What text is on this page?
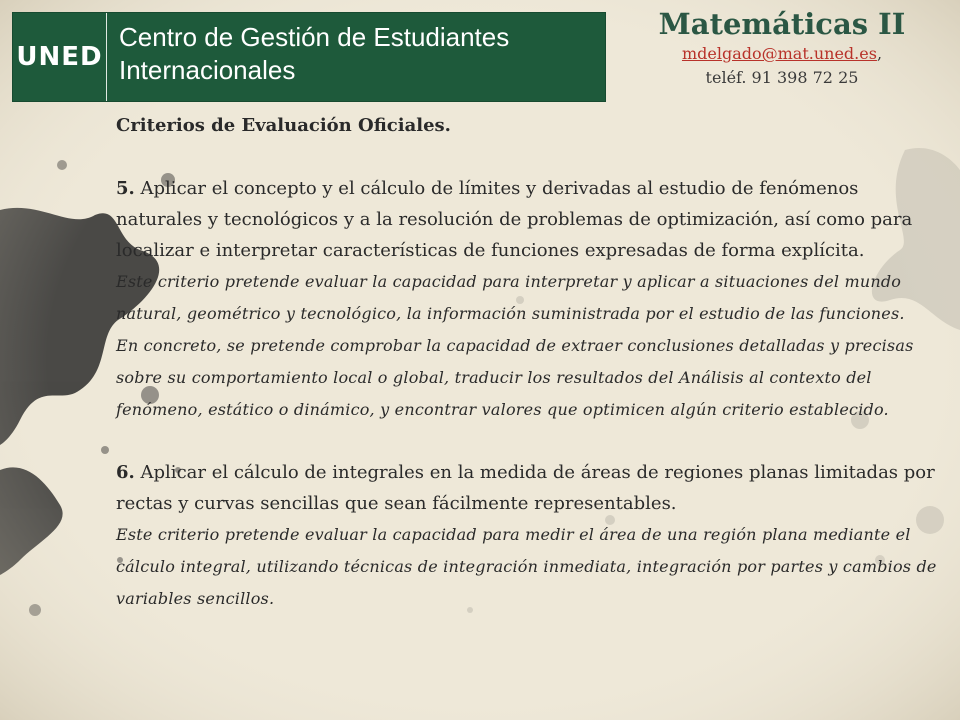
UNED
Centro de Gestión de Estudiantes
Internacionales
Matemáticas II
mdelgado@mat.uned.es,
teléf. 91 398 72 25

Criterios de Evaluación Oficiales.

5. Aplicar el concepto y el cálculo de límites y derivadas al estudio de fenómenos naturales y tecnológicos y a la resolución de problemas de optimización, así como para localizar e interpretar características de funciones expresadas de forma explícita.

Este criterio pretende evaluar la capacidad para interpretar y aplicar a situaciones del mundo natural, geométrico y tecnológico, la información suministrada por el estudio de las funciones.

En concreto, se pretende comprobar la capacidad de extraer conclusiones detalladas y precisas sobre su comportamiento local o global, traducir los resultados del Análisis al contexto del fenómeno, estático o dinámico, y encontrar valores que optimicen algún criterio establecido.

6. Aplicar el cálculo de integrales en la medida de áreas de regiones planas limitadas por rectas y curvas sencillas que sean fácilmente representables.

Este criterio pretende evaluar la capacidad para medir el área de una región plana mediante el cálculo integral, utilizando técnicas de integración inmediata, integración por partes y cambios de variables sencillos.
